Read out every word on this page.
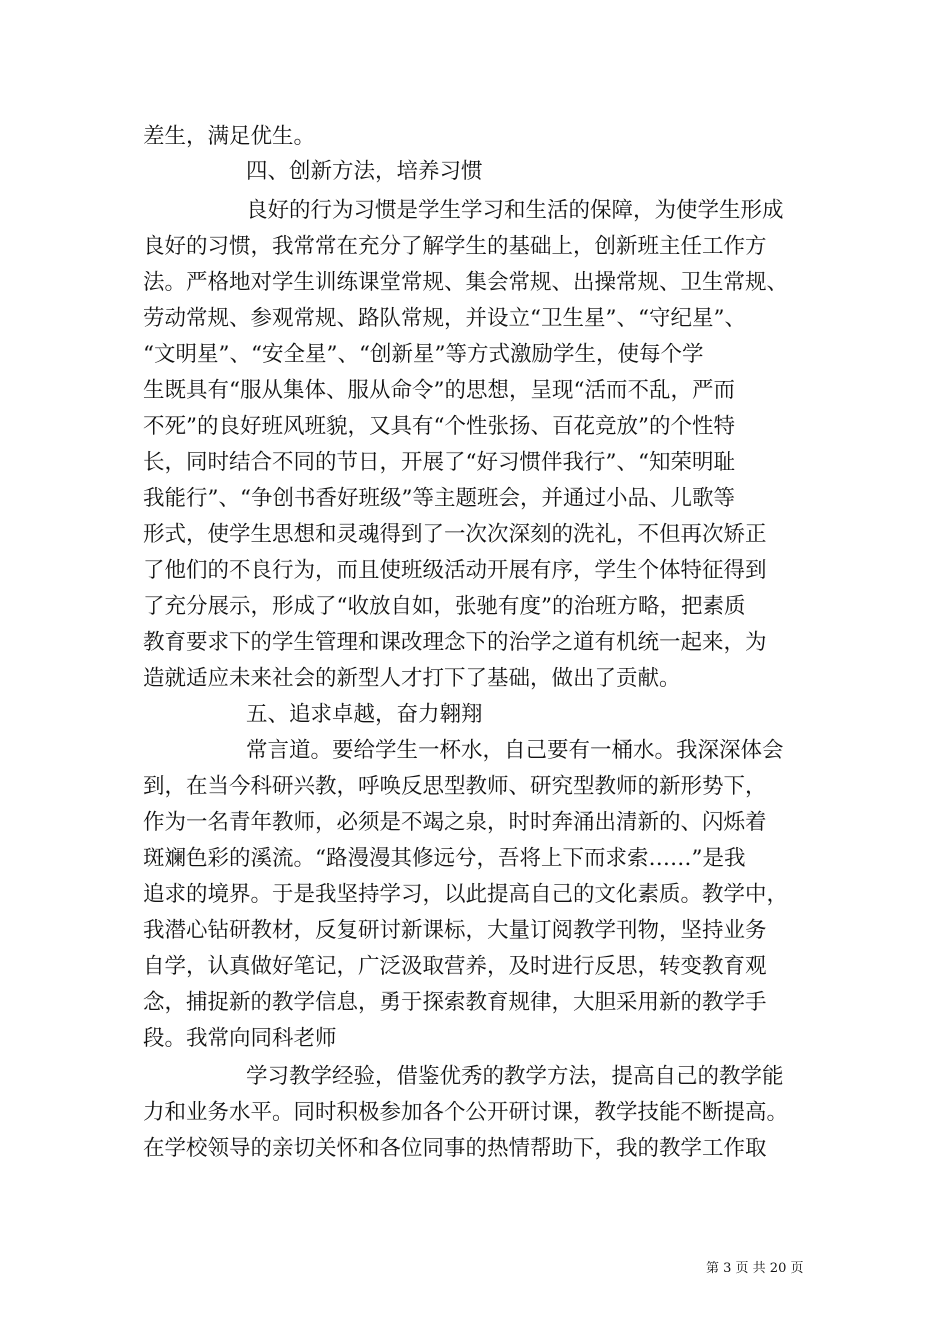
差生，满足优生。
四、创新方法，培养习惯
良好的行为习惯是学生学习和生活的保障，为使学生形成
良好的习惯，我常常在充分了解学生的基础上，创新班主任工作方
法。严格地对学生训练课堂常规、集会常规、出操常规、卫生常规、
劳动常规、参观常规、路队常规，并设立“卫生星”、“守纪星”、
“文明星”、“安全星”、“创新星”等方式激励学生，使每个学
生既具有“服从集体、服从命令”的思想，呈现“活而不乱，严而
不死”的良好班风班貌，又具有“个性张扬、百花竞放”的个性特
长，同时结合不同的节日，开展了“好习惯伴我行”、“知荣明耻
我能行”、“争创书香好班级”等主题班会，并通过小品、儿歌等
形式，使学生思想和灵魂得到了一次次深刻的洗礼，不但再次矫正
了他们的不良行为，而且使班级活动开展有序，学生个体特征得到
了充分展示，形成了“收放自如，张驰有度”的治班方略，把素质
教育要求下的学生管理和课改理念下的治学之道有机统一起来，为
造就适应未来社会的新型人才打下了基础，做出了贡献。
五、追求卓越，奋力翱翔
常言道。要给学生一杯水，自己要有一桶水。我深深体会
到，在当今科研兴教，呼唤反思型教师、研究型教师的新形势下，
作为一名青年教师，必须是不竭之泉，时时奔涌出清新的、闪烁着
斑斓色彩的溪流。“路漫漫其修远兮，吾将上下而求索……”是我
追求的境界。于是我坚持学习，以此提高自己的文化素质。教学中，
我潜心钻研教材，反复研讨新课标，大量订阅教学刊物，坚持业务
自学，认真做好笔记，广泛汲取营养，及时进行反思，转变教育观
念，捕捉新的教学信息，勇于探索教育规律，大胆采用新的教学手
段。我常向同科老师
学习教学经验，借鉴优秀的教学方法，提高自己的教学能
力和业务水平。同时积极参加各个公开研讨课，教学技能不断提高。
在学校领导的亲切关怀和各位同事的热情帮助下，我的教学工作取
第 3 页 共 20 页
